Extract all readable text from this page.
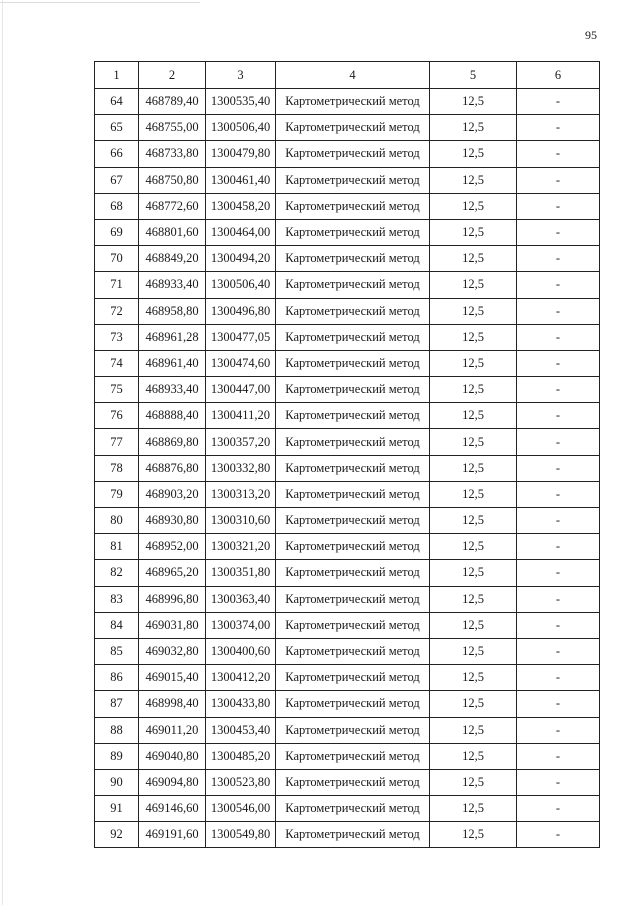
95
1	2	3	4	5	6
64	468789,40	1300535,40	Картометрический метод	12,5	-
65	468755,00	1300506,40	Картометрический метод	12,5	-
66	468733,80	1300479,80	Картометрический метод	12,5	-
67	468750,80	1300461,40	Картометрический метод	12,5	-
68	468772,60	1300458,20	Картометрический метод	12,5	-
69	468801,60	1300464,00	Картометрический метод	12,5	-
70	468849,20	1300494,20	Картометрический метод	12,5	-
71	468933,40	1300506,40	Картометрический метод	12,5	-
72	468958,80	1300496,80	Картометрический метод	12,5	-
73	468961,28	1300477,05	Картометрический метод	12,5	-
74	468961,40	1300474,60	Картометрический метод	12,5	-
75	468933,40	1300447,00	Картометрический метод	12,5	-
76	468888,40	1300411,20	Картометрический метод	12,5	-
77	468869,80	1300357,20	Картометрический метод	12,5	-
78	468876,80	1300332,80	Картометрический метод	12,5	-
79	468903,20	1300313,20	Картометрический метод	12,5	-
80	468930,80	1300310,60	Картометрический метод	12,5	-
81	468952,00	1300321,20	Картометрический метод	12,5	-
82	468965,20	1300351,80	Картометрический метод	12,5	-
83	468996,80	1300363,40	Картометрический метод	12,5	-
84	469031,80	1300374,00	Картометрический метод	12,5	-
85	469032,80	1300400,60	Картометрический метод	12,5	-
86	469015,40	1300412,20	Картометрический метод	12,5	-
87	468998,40	1300433,80	Картометрический метод	12,5	-
88	469011,20	1300453,40	Картометрический метод	12,5	-
89	469040,80	1300485,20	Картометрический метод	12,5	-
90	469094,80	1300523,80	Картометрический метод	12,5	-
91	469146,60	1300546,00	Картометрический метод	12,5	-
92	469191,60	1300549,80	Картометрический метод	12,5	-
